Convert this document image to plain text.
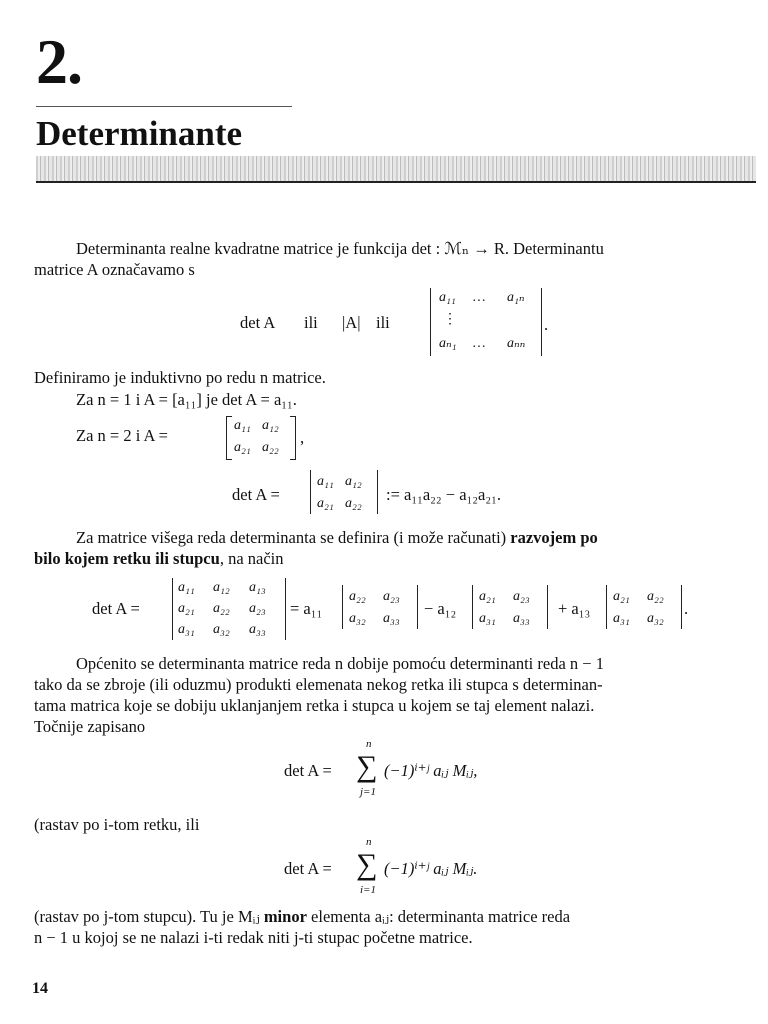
2.
Determinante
Determinanta realne kvadratne matrice je funkcija det : ℳₙ → R. Determinantu
matrice A označavamo s
det A ili |A| ili
a₁₁ … a₁ₙ
⋮
aₙ₁ … aₙₙ
.
Definiramo je induktivno po redu n matrice.
Za n = 1 i A = [a₁₁] je det A = a₁₁.
Za n = 2 i A =
a₁₁ a₁₂
a₂₁ a₂₂
,
det A =
a₁₁ a₁₂
a₂₁ a₂₂ := a₁₁a₂₂ − a₁₂a₂₁.
Za matrice višega reda determinanta se definira (i može računati) razvojem po
bilo kojem retku ili stupcu, na način
det A =
a₁₁ a₁₂ a₁₃
a₂₁ a₂₂ a₂₃
a₃₁ a₃₂ a₃₃
= a₁₁
a₂₂ a₂₃
a₃₂ a₃₃
− a₁₂
a₂₁ a₂₃
a₃₁ a₃₃
+ a₁₃
a₂₁ a₂₂
a₃₁ a₃₂
.
Općenito se determinanta matrice reda n dobije pomoću determinanti reda n − 1
tako da se zbroje (ili oduzmu) produkti elemenata nekog retka ili stupca s determinan-
tama matrica koje se dobiju uklanjanjem retka i stupca u kojem se taj element nalazi.
Točnije zapisano
det A =
n
∑
j=1
(−1)ⁱ⁺ʲ aᵢⱼ Mᵢⱼ,
(rastav po i-tom retku, ili
det A =
n
∑
i=1
(−1)ⁱ⁺ʲ aᵢⱼ Mᵢⱼ.
(rastav po j-tom stupcu). Tu je Mᵢⱼ minor elementa aᵢⱼ: determinanta matrice reda
n − 1 u kojoj se ne nalazi i-ti redak niti j-ti stupac početne matrice.
14
